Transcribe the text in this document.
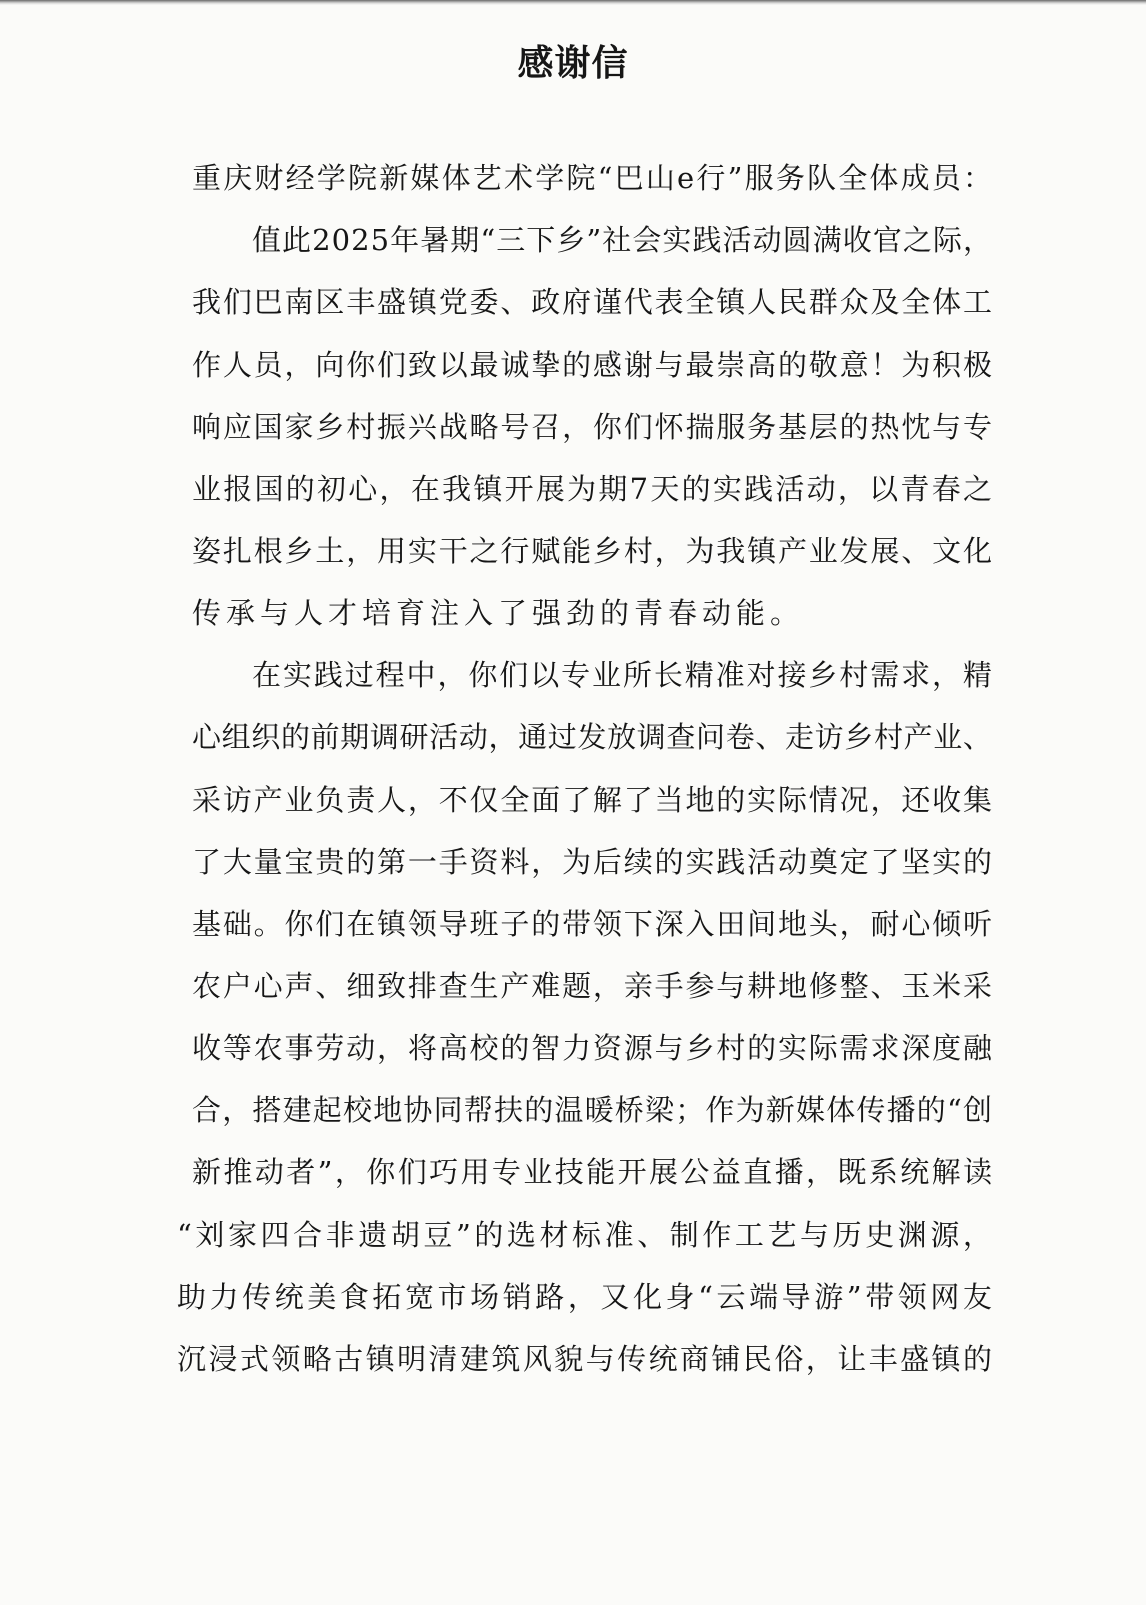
感谢信
重庆财经学院新媒体艺术学院“巴山e行”服务队全体成员：
值此2025年暑期“三下乡”社会实践活动圆满收官之际，
我们巴南区丰盛镇党委、政府谨代表全镇人民群众及全体工
作人员，向你们致以最诚挚的感谢与最崇高的敬意！为积极
响应国家乡村振兴战略号召，你们怀揣服务基层的热忱与专
业报国的初心，在我镇开展为期7天的实践活动，以青春之
姿扎根乡土，用实干之行赋能乡村，为我镇产业发展、文化
传承与人才培育注入了强劲的青春动能。
在实践过程中，你们以专业所长精准对接乡村需求，精
心组织的前期调研活动，通过发放调查问卷、走访乡村产业、
采访产业负责人，不仅全面了解了当地的实际情况，还收集
了大量宝贵的第一手资料，为后续的实践活动奠定了坚实的
基础。你们在镇领导班子的带领下深入田间地头，耐心倾听
农户心声、细致排查生产难题，亲手参与耕地修整、玉米采
收等农事劳动，将高校的智力资源与乡村的实际需求深度融
合，搭建起校地协同帮扶的温暖桥梁；作为新媒体传播的“创
新推动者”，你们巧用专业技能开展公益直播，既系统解读
“刘家四合非遗胡豆”的选材标准、制作工艺与历史渊源，
助力传统美食拓宽市场销路，又化身“云端导游”带领网友
沉浸式领略古镇明清建筑风貌与传统商铺民俗，让丰盛镇的
